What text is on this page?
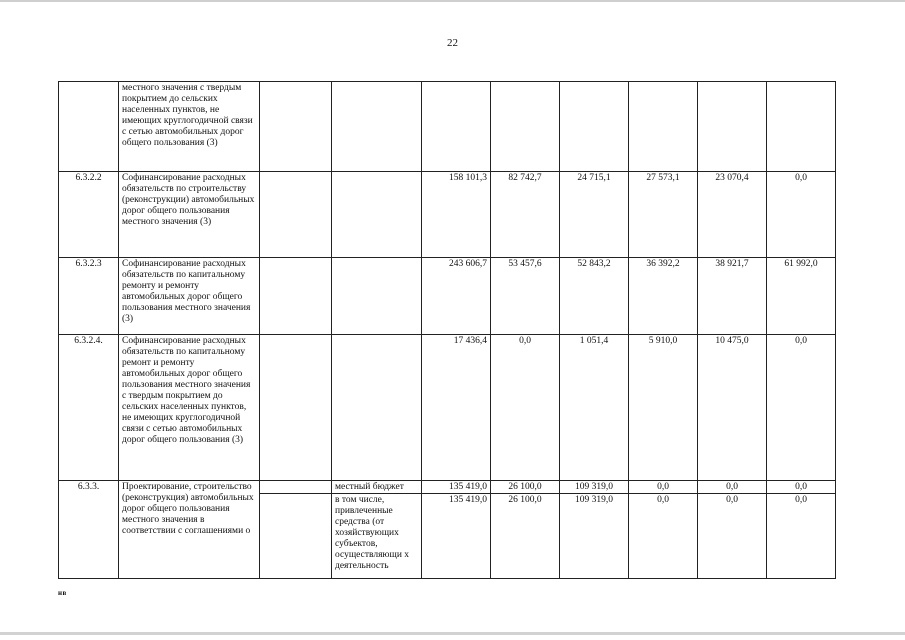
22
	местного значения с твердым покрытием до сельских населенных пунктов, не имеющих круглогодичной связи с сетью автомобильных дорог общего пользования (3)								
6.3.2.2	Софинансирование расходных обязательств по строительству (реконструкции) автомобильных дорог общего пользования местного значения (3)			158 101,3	82 742,7	24 715,1	27 573,1	23 070,4	0,0
6.3.2.3	Софинансирование расходных обязательств по капитальному ремонту и ремонту автомобильных дорог общего пользования местного значения (3)			243 606,7	53 457,6	52 843,2	36 392,2	38 921,7	61 992,0
6.3.2.4.	Софинансирование расходных обязательств по капитальному ремонт и ремонту автомобильных дорог общего пользования местного значения с твердым покрытием до сельских населенных пунктов, не имеющих круглогодичной связи с сетью автомобильных дорог общего пользования (3)			17 436,4	0,0	1 051,4	5 910,0	10 475,0	0,0
6.3.3.	Проектирование, строительство (реконструкция) автомобильных дорог общего пользования местного значения в соответствии с соглашениями о		местный бюджет	135 419,0	26 100,0	109 319,0	0,0	0,0	0,0
			в том числе, привлеченные средства (от хозяйствующих субъектов, осуществляющи х деятельность	135 419,0	26 100,0	109 319,0	0,0	0,0	0,0
нв
